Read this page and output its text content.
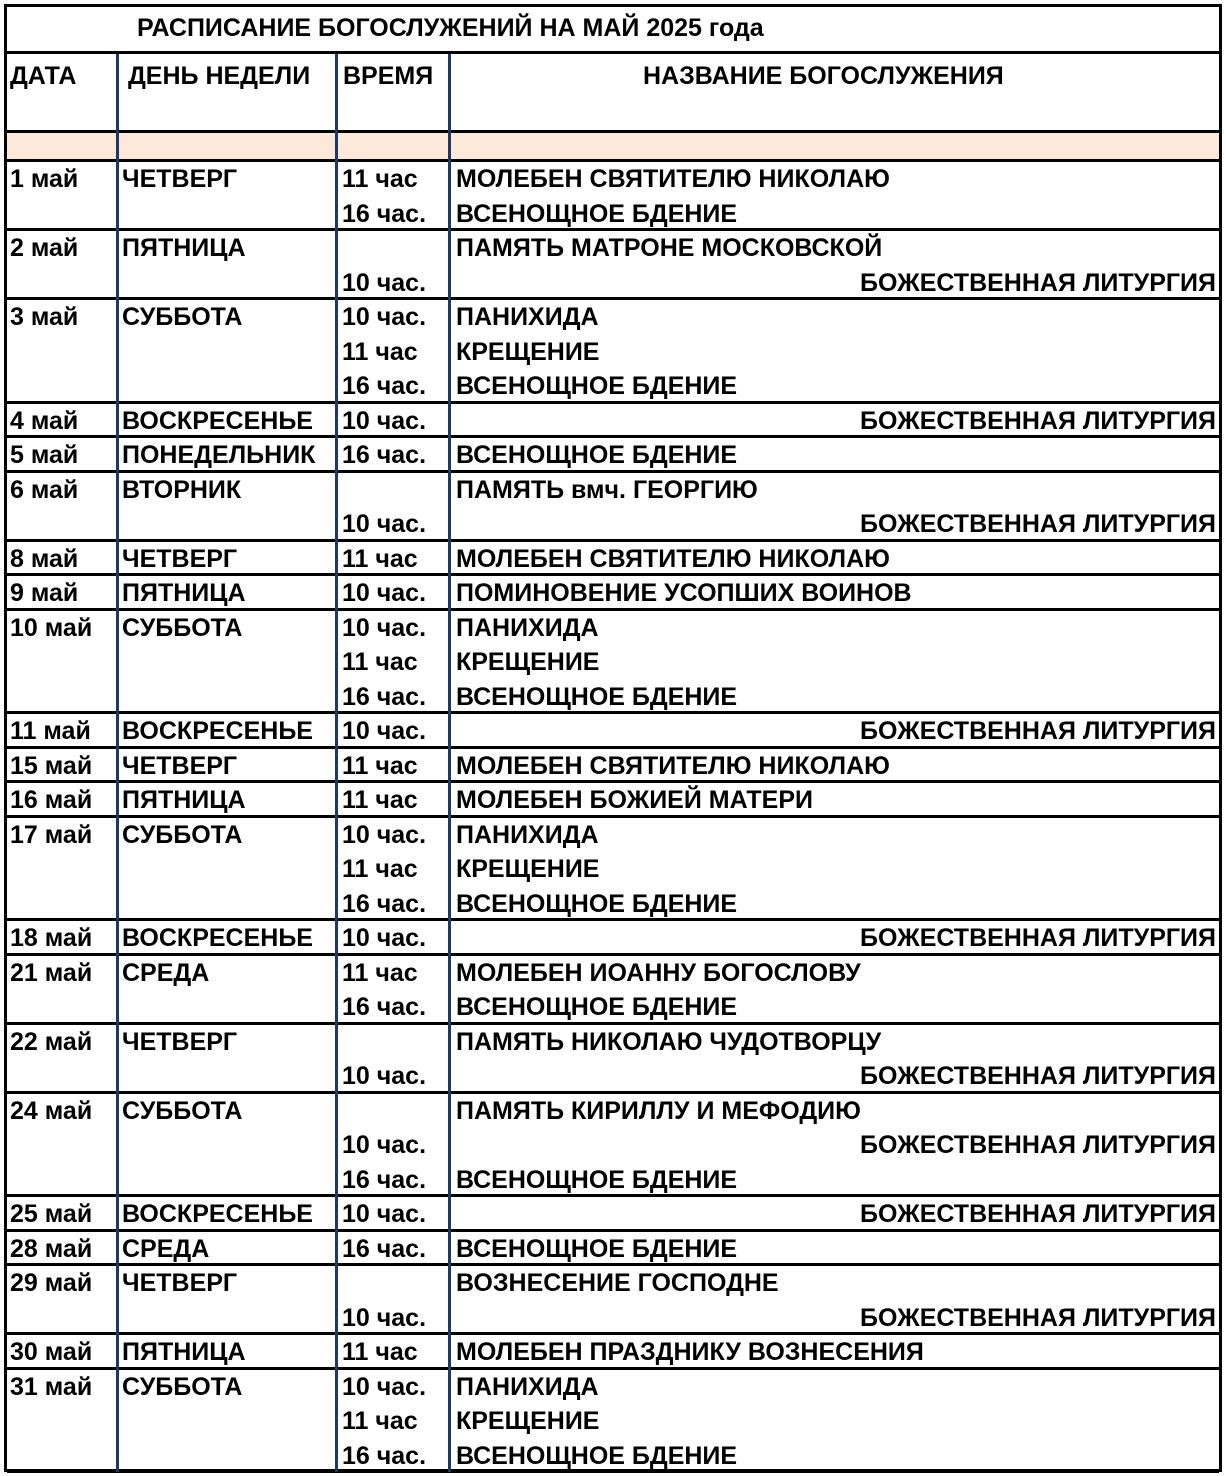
РАСПИСАНИЕ БОГОСЛУЖЕНИЙ НА МАЙ 2025 года
ДАТА ДЕНЬ НЕДЕЛИ ВРЕМЯ	НАЗВАНИЕ БОГОСЛУЖЕНИЯ
1 май ЧЕТВЕРГ	11 час МОЛЕБЕН СВЯТИТЕЛЮ НИКОЛАЮ
16 час. ВСЕНОЩНОЕ БДЕНИЕ
2 май ПЯТНИЦА	ПАМЯТЬ МАТРОНЕ МОСКОВСКОЙ
10 час.	БОЖЕСТВЕННАЯ ЛИТУРГИЯ
3 май СУББОТА	10 час. ПАНИХИДА
11 час КРЕЩЕНИЕ
16 час. ВСЕНОЩНОЕ БДЕНИЕ
4 май ВОСКРЕСЕНЬЕ 10 час.	БОЖЕСТВЕННАЯ ЛИТУРГИЯ
5 май ПОНЕДЕЛЬНИК 16 час. ВСЕНОЩНОЕ БДЕНИЕ
6 май ВТОРНИК	ПАМЯТЬ вмч. ГЕОРГИЮ
10 час.	БОЖЕСТВЕННАЯ ЛИТУРГИЯ
8 май ЧЕТВЕРГ	11 час МОЛЕБЕН СВЯТИТЕЛЮ НИКОЛАЮ
9 май ПЯТНИЦА	10 час. ПОМИНОВЕНИЕ УСОПШИХ ВОИНОВ
10 май СУББОТА	10 час. ПАНИХИДА
11 час КРЕЩЕНИЕ
16 час. ВСЕНОЩНОЕ БДЕНИЕ
11 май ВОСКРЕСЕНЬЕ 10 час.	БОЖЕСТВЕННАЯ ЛИТУРГИЯ
15 май ЧЕТВЕРГ	11 час МОЛЕБЕН СВЯТИТЕЛЮ НИКОЛАЮ
16 май ПЯТНИЦА	11 час МОЛЕБЕН БОЖИЕЙ МАТЕРИ
17 май СУББОТА	10 час. ПАНИХИДА
11 час КРЕЩЕНИЕ
16 час. ВСЕНОЩНОЕ БДЕНИЕ
18 май ВОСКРЕСЕНЬЕ 10 час.	БОЖЕСТВЕННАЯ ЛИТУРГИЯ
21 май СРЕДА	11 час МОЛЕБЕН ИОАННУ БОГОСЛОВУ
16 час. ВСЕНОЩНОЕ БДЕНИЕ
22 май ЧЕТВЕРГ	ПАМЯТЬ НИКОЛАЮ ЧУДОТВОРЦУ
10 час.	БОЖЕСТВЕННАЯ ЛИТУРГИЯ
24 май СУББОТА	ПАМЯТЬ КИРИЛЛУ И МЕФОДИЮ
10 час.	БОЖЕСТВЕННАЯ ЛИТУРГИЯ
16 час. ВСЕНОЩНОЕ БДЕНИЕ
25 май ВОСКРЕСЕНЬЕ 10 час.	БОЖЕСТВЕННАЯ ЛИТУРГИЯ
28 май СРЕДА	16 час. ВСЕНОЩНОЕ БДЕНИЕ
29 май ЧЕТВЕРГ	ВОЗНЕСЕНИЕ ГОСПОДНЕ
10 час.	БОЖЕСТВЕННАЯ ЛИТУРГИЯ
30 май ПЯТНИЦА	11 час МОЛЕБЕН ПРАЗДНИКУ ВОЗНЕСЕНИЯ
31 май СУББОТА	10 час. ПАНИХИДА
11 час КРЕЩЕНИЕ
16 час. ВСЕНОЩНОЕ БДЕНИЕ
